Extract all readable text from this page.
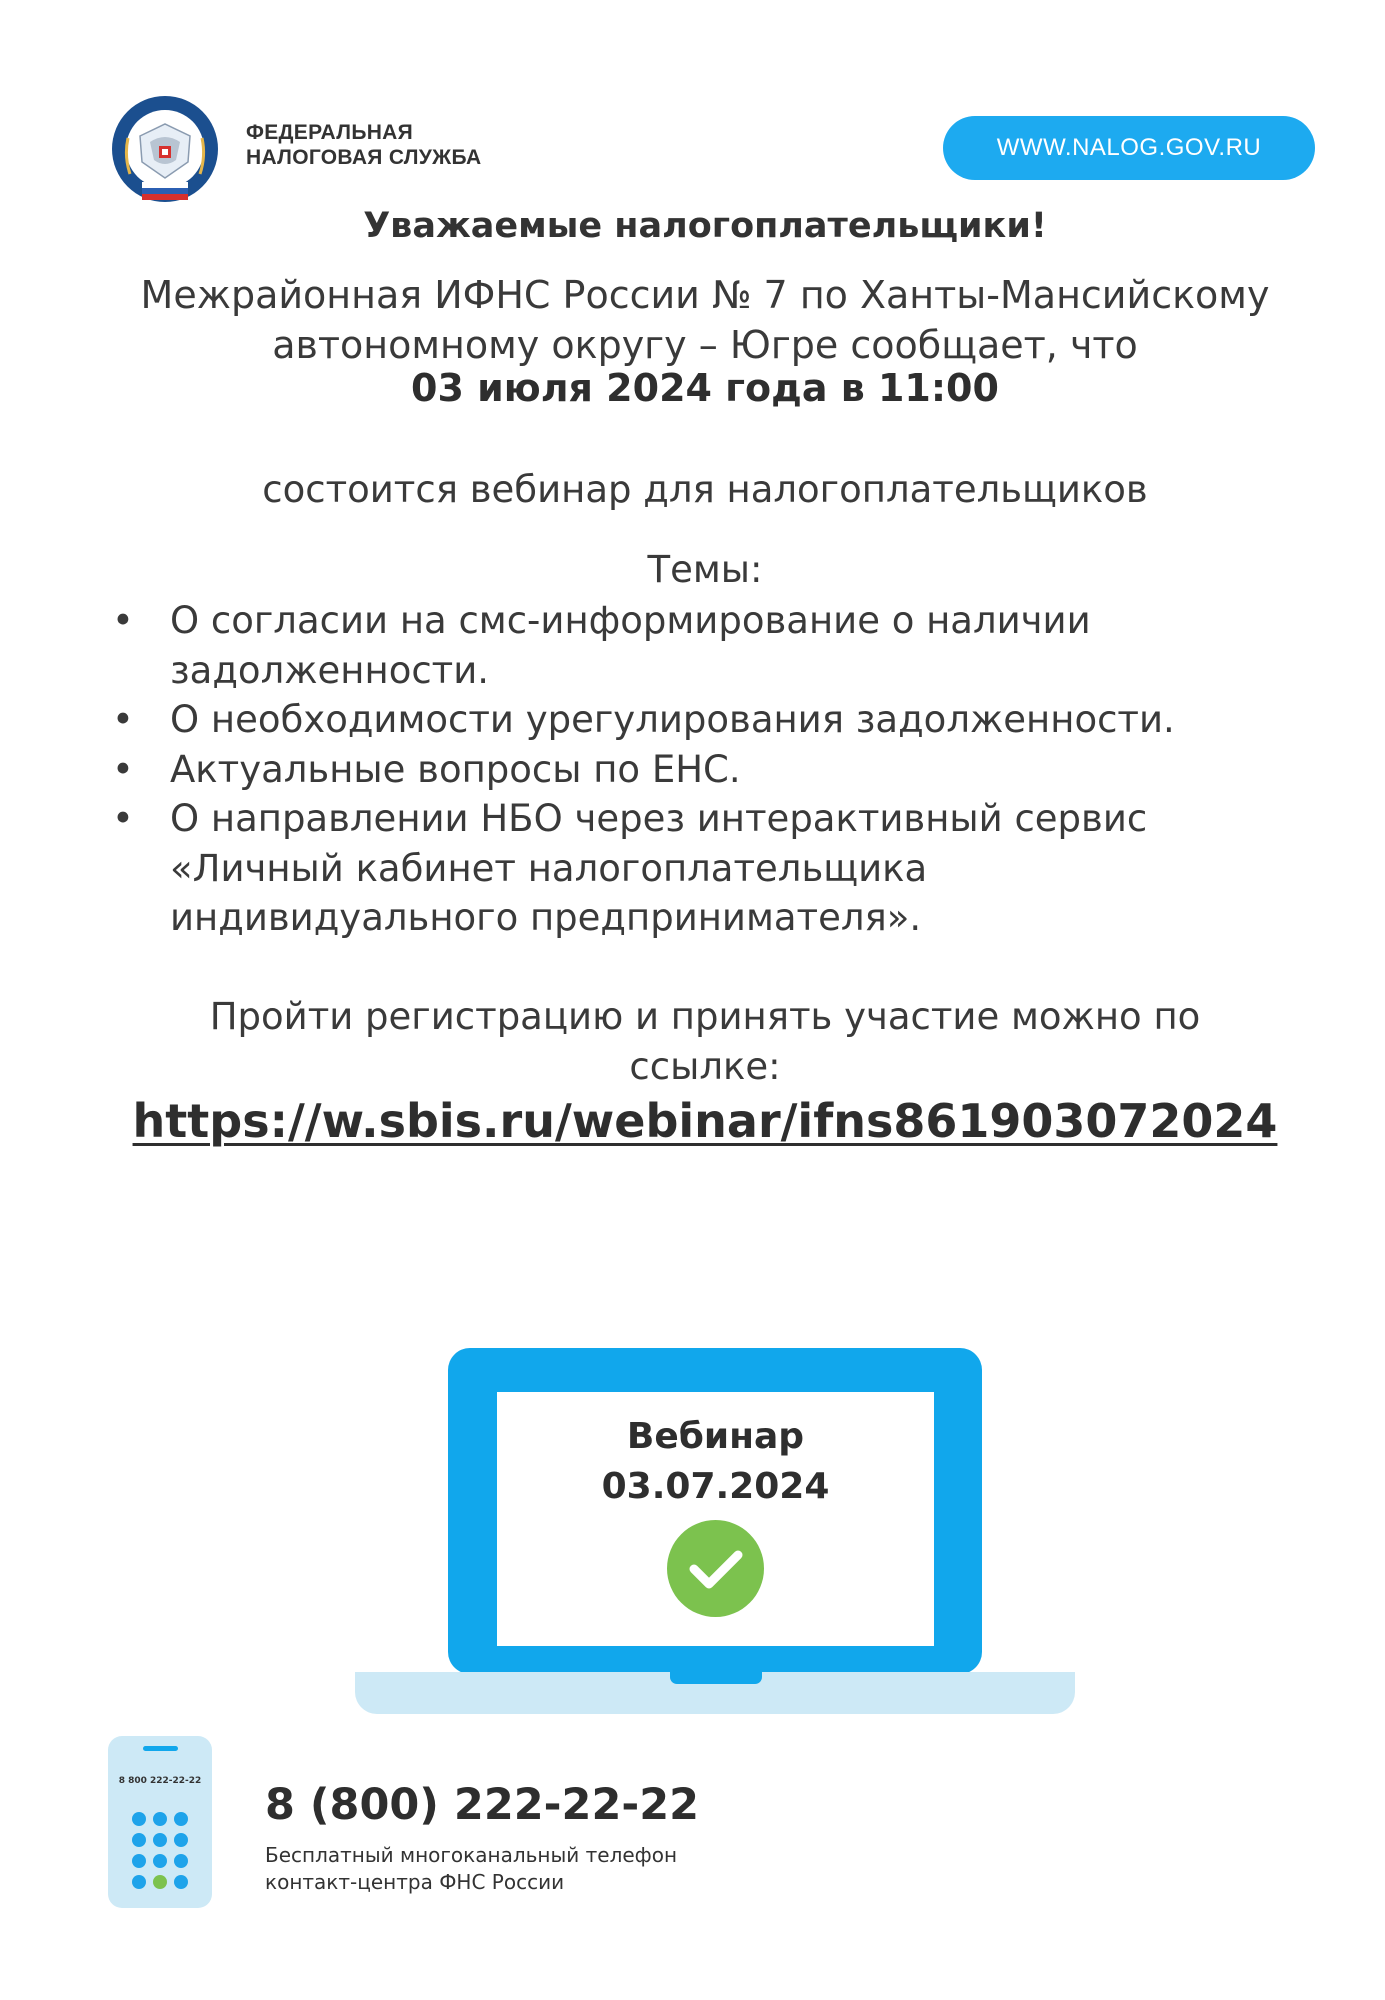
ФЕДЕРАЛЬНАЯ
НАЛОГОВАЯ СЛУЖБА	WWW.NALOG.GOV.RU
Уважаемые налогоплательщики!
Межрайонная ИФНС России № 7 по Ханты-Мансийскому
автономному округу – Югре сообщает, что
03 июля 2024 года в 11:00
состоится вебинар для налогоплательщиков
Темы:
• О согласии на смс-информирование о наличии
задолженности.
• О необходимости урегулирования задолженности.
• Актуальные вопросы по ЕНС.
• О направлении НБО через интерактивный сервис
«Личный кабинет налогоплательщика
индивидуального предпринимателя».
Пройти регистрацию и принять участие можно по
ссылке:
https://w.sbis.ru/webinar/ifns861903072024
Вебинар
03.07.2024
8 800 222-22-22 8 (800) 222-22-22
Бесплатный многоканальный телефон
контакт-центра ФНС России
